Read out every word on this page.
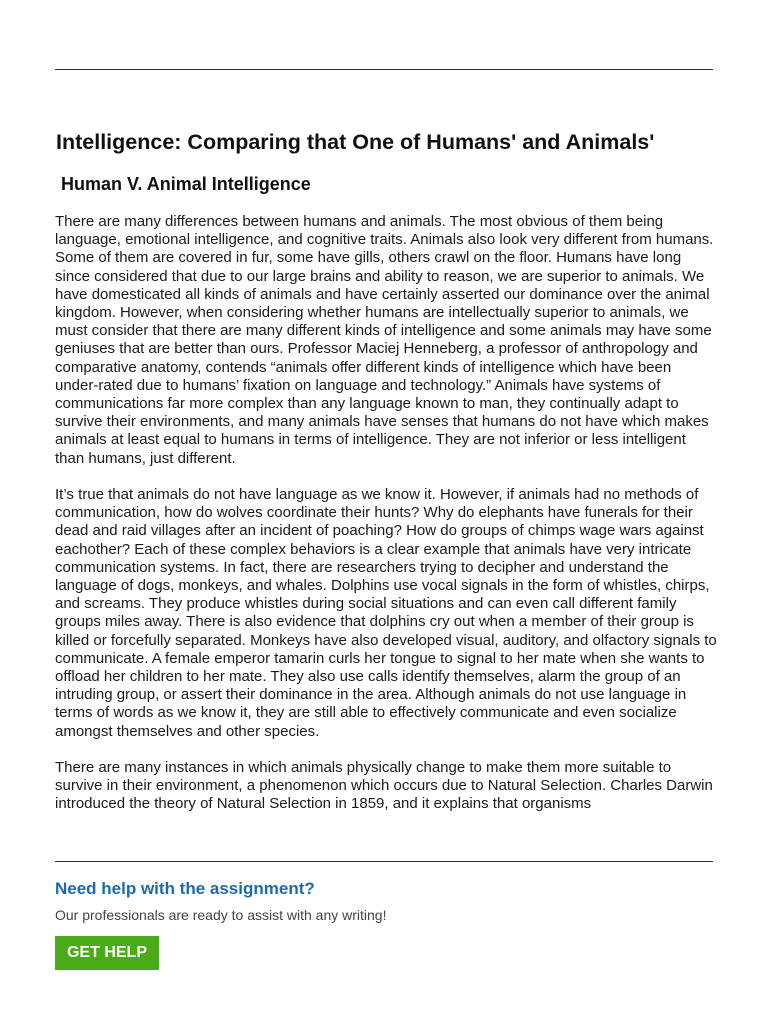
Intelligence: Comparing that One of Humans' and Animals'
Human V. Animal Intelligence

There are many differences between humans and animals. The most obvious of them being language, emotional intelligence, and cognitive traits. Animals also look very different from humans. Some of them are covered in fur, some have gills, others crawl on the floor. Humans have long since considered that due to our large brains and ability to reason, we are superior to animals. We have domesticated all kinds of animals and have certainly asserted our dominance over the animal kingdom. However, when considering whether humans are intellectually superior to animals, we must consider that there are many different kinds of intelligence and some animals may have some geniuses that are better than ours. Professor Maciej Henneberg, a professor of anthropology and comparative anatomy, contends “animals offer different kinds of intelligence which have been under-rated due to humans’ fixation on language and technology.” Animals have systems of communications far more complex than any language known to man, they continually adapt to survive their environments, and many animals have senses that humans do not have which makes animals at least equal to humans in terms of intelligence. They are not inferior or less intelligent than humans, just different.

It’s true that animals do not have language as we know it. However, if animals had no methods of communication, how do wolves coordinate their hunts? Why do elephants have funerals for their dead and raid villages after an incident of poaching? How do groups of chimps wage wars against eachother? Each of these complex behaviors is a clear example that animals have very intricate communication systems. In fact, there are researchers trying to decipher and understand the language of dogs, monkeys, and whales. Dolphins use vocal signals in the form of whistles, chirps, and screams. They produce whistles during social situations and can even call different family groups miles away. There is also evidence that dolphins cry out when a member of their group is killed or forcefully separated. Monkeys have also developed visual, auditory, and olfactory signals to communicate. A female emperor tamarin curls her tongue to signal to her mate when she wants to offload her children to her mate. They also use calls identify themselves, alarm the group of an intruding group, or assert their dominance in the area. Although animals do not use language in terms of words as we know it, they are still able to effectively communicate and even socialize amongst themselves and other species.

There are many instances in which animals physically change to make them more suitable to survive in their environment, a phenomenon which occurs due to Natural Selection. Charles Darwin introduced the theory of Natural Selection in 1859, and it explains that organisms

Need help with the assignment?

Our professionals are ready to assist with any writing!

GET HELP
